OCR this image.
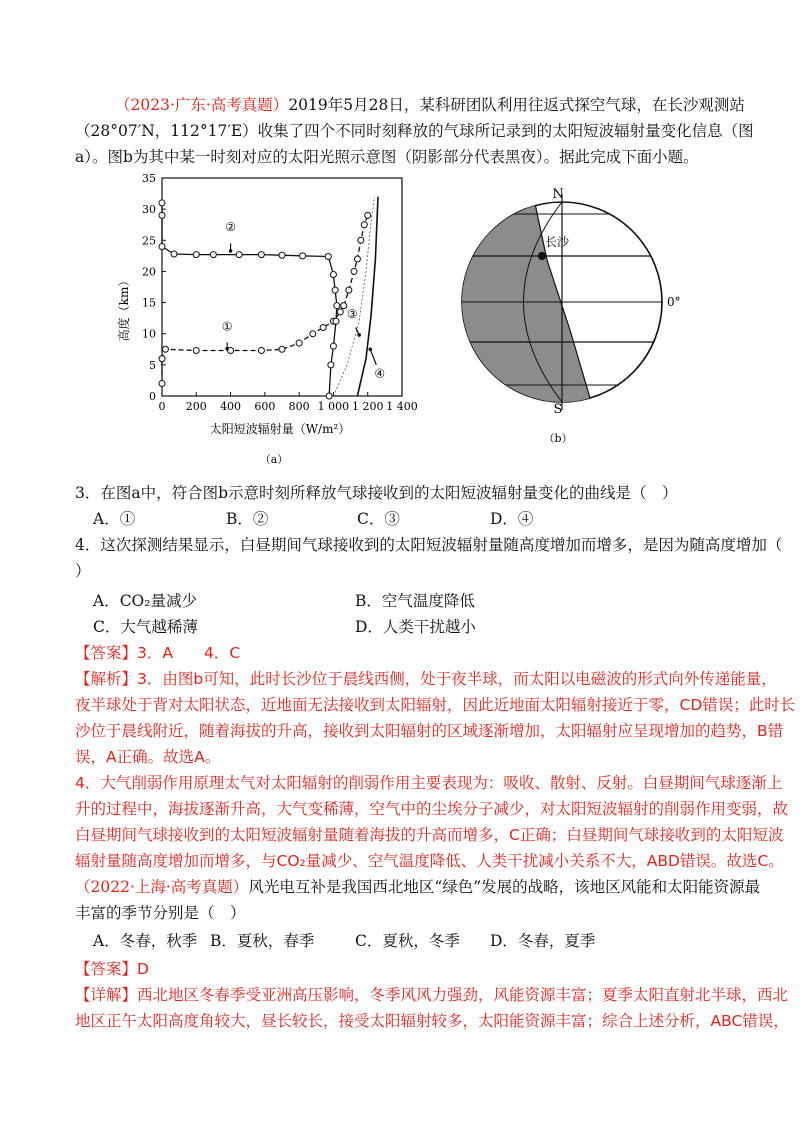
（2023·广东·高考真题）2019年5月28日，某科研团队利用往返式探空气球，在长沙观测站

（28°07′N，112°17′E）收集了四个不同时刻释放的气球所记录到的太阳短波辐射量变化信息（图

a）。图b为其中某一时刻对应的太阳光照示意图（阴影部分代表黑夜）。据此完成下面小题。

0 200 400 600 800 1 000 1 200 1 400
0
5
10
15
20
25
30
35
①
②
③
④
高度（km）
太阳短波辐射量（W/m²）
（a）
N
S
长沙
0°
（b）

3．在图a中，符合图b示意时刻所释放气球接收到的太阳短波辐射量变化的曲线是（　）

A．①	B．②	C．③	D．④

4．这次探测结果显示，白昼期间气球接收到的太阳短波辐射量随高度增加而增多，是因为随高度增加（

）

A．CO₂量减少	B．空气温度降低
C．大气越稀薄	D．人类干扰越小

【答案】3．A　　4．C

【解析】3．由图b可知，此时长沙位于晨线西侧，处于夜半球，而太阳以电磁波的形式向外传递能量，

夜半球处于背对太阳状态，近地面无法接收到太阳辐射，因此近地面太阳辐射接近于零，CD错误；此时长

沙位于晨线附近，随着海拔的升高，接收到太阳辐射的区域逐渐增加，太阳辐射应呈现增加的趋势，B错

误，A正确。故选A。

4．大气削弱作用原理太气对太阳辐射的削弱作用主要表现为：吸收、散射、反射。白昼期间气球逐渐上

升的过程中，海拔逐渐升高，大气变稀薄，空气中的尘埃分子减少，对太阳短波辐射的削弱作用变弱，故

白昼期间气球接收到的太阳短波辐射量随着海拔的升高而增多，C正确；白昼期间气球接收到的太阳短波

辐射量随高度增加而增多，与CO₂量减少、空气温度降低、人类干扰减小关系不大，ABD错误。故选C。

（2022·上海·高考真题）风光电互补是我国西北地区“绿色”发展的战略，该地区风能和太阳能资源最

丰富的季节分别是（　）

A．冬春，秋季 B．夏秋，春季	C．夏秋，冬季 D．冬春，夏季

【答案】D

【详解】西北地区冬春季受亚洲高压影响，冬季风风力强劲，风能资源丰富；夏季太阳直射北半球，西北

地区正午太阳高度角较大，昼长较长，接受太阳辐射较多，太阳能资源丰富；综合上述分析，ABC错误，
